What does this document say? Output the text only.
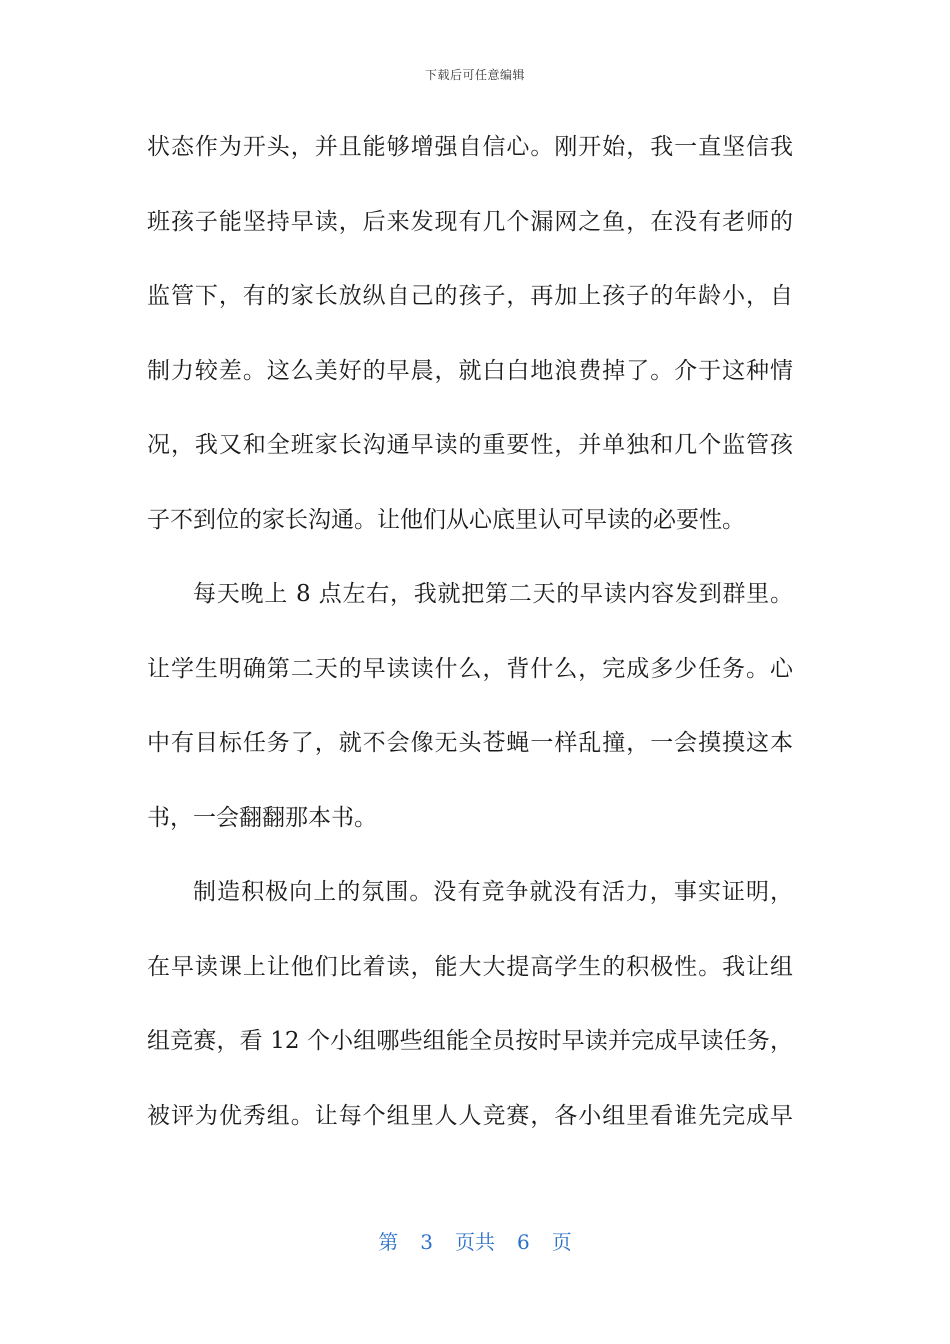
下载后可任意编辑
状态作为开头，并且能够增强自信心。刚开始，我一直坚信我
班孩子能坚持早读，后来发现有几个漏网之鱼，在没有老师的
监管下，有的家长放纵自己的孩子，再加上孩子的年龄小，自
制力较差。这么美好的早晨，就白白地浪费掉了。介于这种情
况，我又和全班家长沟通早读的重要性，并单独和几个监管孩
子不到位的家长沟通。让他们从心底里认可早读的必要性。
每天晚上 8 点左右，我就把第二天的早读内容发到群里。
让学生明确第二天的早读读什么，背什么，完成多少任务。心
中有目标任务了，就不会像无头苍蝇一样乱撞，一会摸摸这本
书，一会翻翻那本书。
制造积极向上的氛围。没有竞争就没有活力，事实证明，
在早读课上让他们比着读，能大大提高学生的积极性。我让组
组竞赛，看 12 个小组哪些组能全员按时早读并完成早读任务，
被评为优秀组。让每个组里人人竞赛，各小组里看谁先完成早
第 3 页共 6 页
